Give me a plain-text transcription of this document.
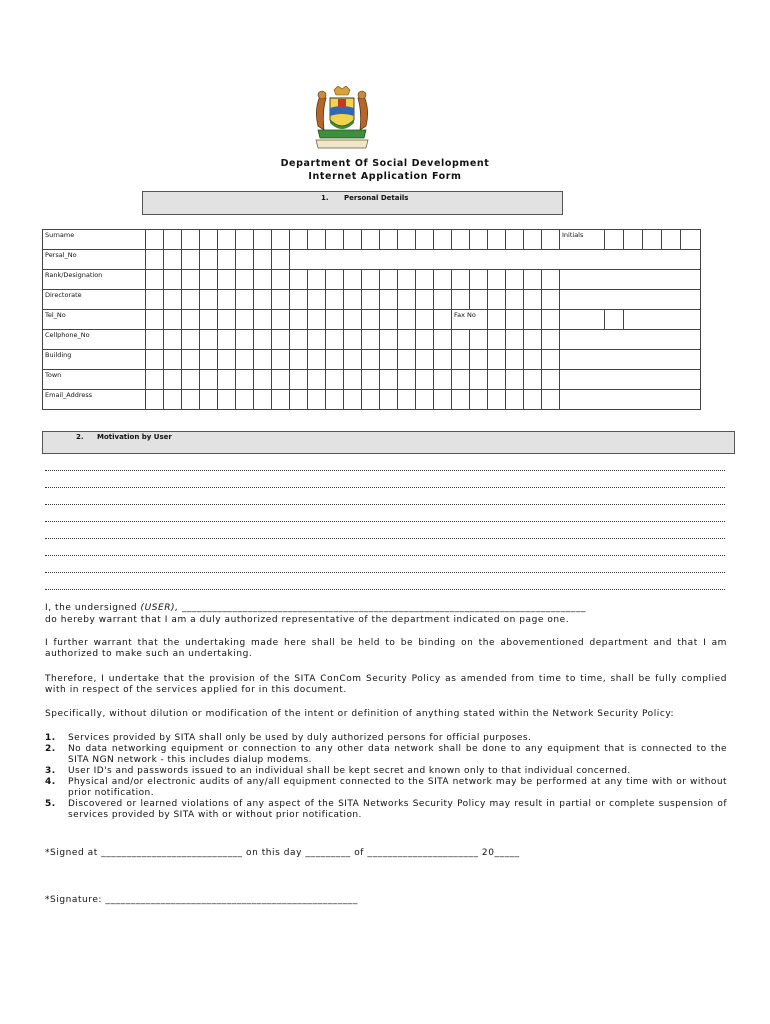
Department Of Social Development
Internet Application Form
1. Personal Details
Surname																								Initials					
Persal_No																													
Rank/Designation																													
Directorate																													
Tel_No																		Fax No											
Cellphone_No																													
Building																													
Town																													
Email_Address																													
2. Motivation by User
I, the undersigned (USER), ________________________________________________________________________________
do hereby warrant that I am a duly authorized representative of the department indicated on page one.
I further warrant that the undertaking made here shall be held to be binding on the abovementioned department and that I am authorized to make such an undertaking.
Therefore, I undertake that the provision of the SITA ConCom Security Policy as amended from time to time, shall be fully complied with in respect of the services applied for in this document.
Specifically, without dilution or modification of the intent or definition of anything stated within the Network Security Policy:
1. Services provided by SITA shall only be used by duly authorized persons for official purposes.
2. No data networking equipment or connection to any other data network shall be done to any equipment that is connected to the SITA NGN network - this includes dialup modems.
3. User ID's and passwords issued to an individual shall be kept secret and known only to that individual concerned.
4. Physical and/or electronic audits of any/all equipment connected to the SITA network may be performed at any time with or without prior notification.
5. Discovered or learned violations of any aspect of the SITA Networks Security Policy may result in partial or complete suspension of services provided by SITA with or without prior notification.
*Signed at ____________________________ on this day _________ of ______________________ 20_____
*Signature: __________________________________________________
